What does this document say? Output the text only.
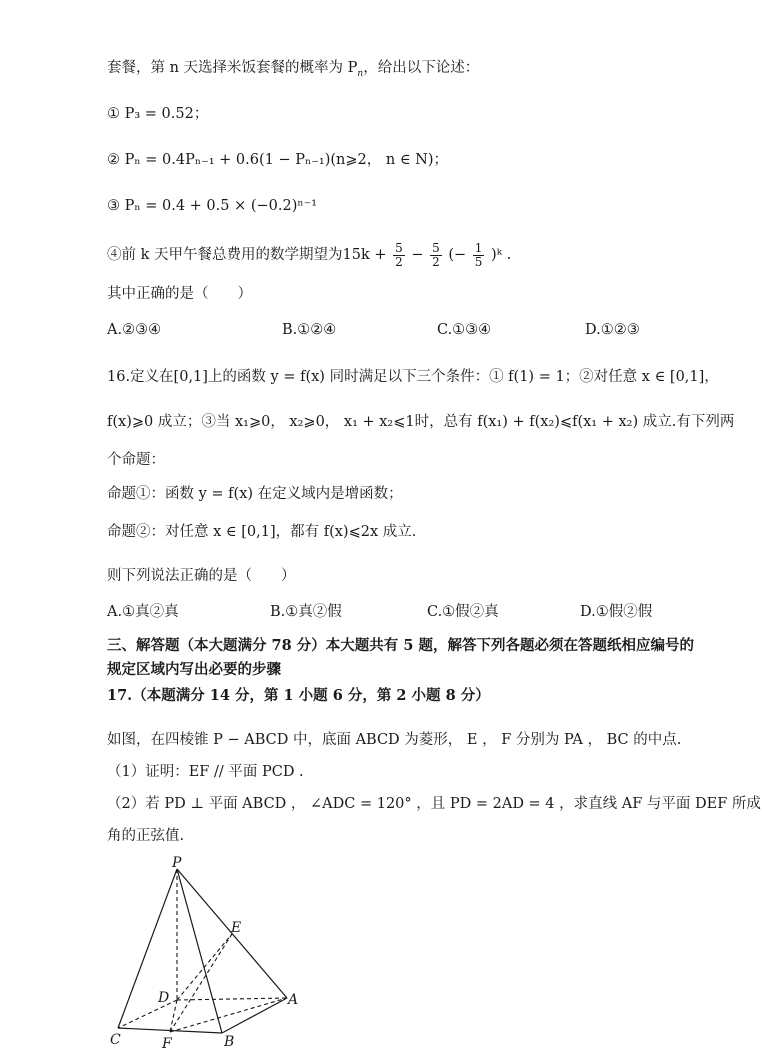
套餐，第 n 天选择米饭套餐的概率为 $P_n$，给出以下论述：
① P₃ = 0.52；
② Pₙ = 0.4Pₙ₋₁ + 0.6(1 − Pₙ₋₁)(n⩾2， n ∈ N)；
③ Pₙ = 0.4 + 0.5 × (−0.2)ⁿ⁻¹
④前 k 天甲午餐总费用的数学期望为$15k + \frac{5}{2} - \frac{5}{2}$ (− $\frac{1}{5}$ )ᵏ .
其中正确的是（　　）
A.②③④	B.①②④	C.①③④	D.①②③
16.定义在[0,1]上的函数 y = f(x) 同时满足以下三个条件：① f(1) = 1；②对任意 x ∈ [0,1]，
f(x)⩾0 成立；③当 x₁⩾0， x₂⩾0， x₁ + x₂⩽1时，总有 f(x₁) + f(x₂)⩽f(x₁ + x₂) 成立.有下列两
个命题：
命题①：函数 y = f(x) 在定义域内是增函数；
命题②：对任意 x ∈ [0,1]，都有 f(x)⩽2x 成立.
则下列说法正确的是（　　）
A.①真②真	B.①真②假	C.①假②真	D.①假②假
三、解答题（本大题满分 78 分）本大题共有 5 题，解答下列各题必须在答题纸相应编号的
规定区域内写出必要的步骤
17.（本题满分 14 分，第 1 小题 6 分，第 2 小题 8 分）
如图，在四棱锥 P − ABCD 中，底面 ABCD 为菱形， E ， F 分别为 PA ， BC 的中点.
（1）证明：EF // 平面 PCD .
（2）若 PD ⊥ 平面 ABCD ， ∠ADC = 120° ，且 PD = 2AD = 4 ，求直线 AF 与平面 DEF 所成
角的正弦值.
P
E
D	A
C	F	B
